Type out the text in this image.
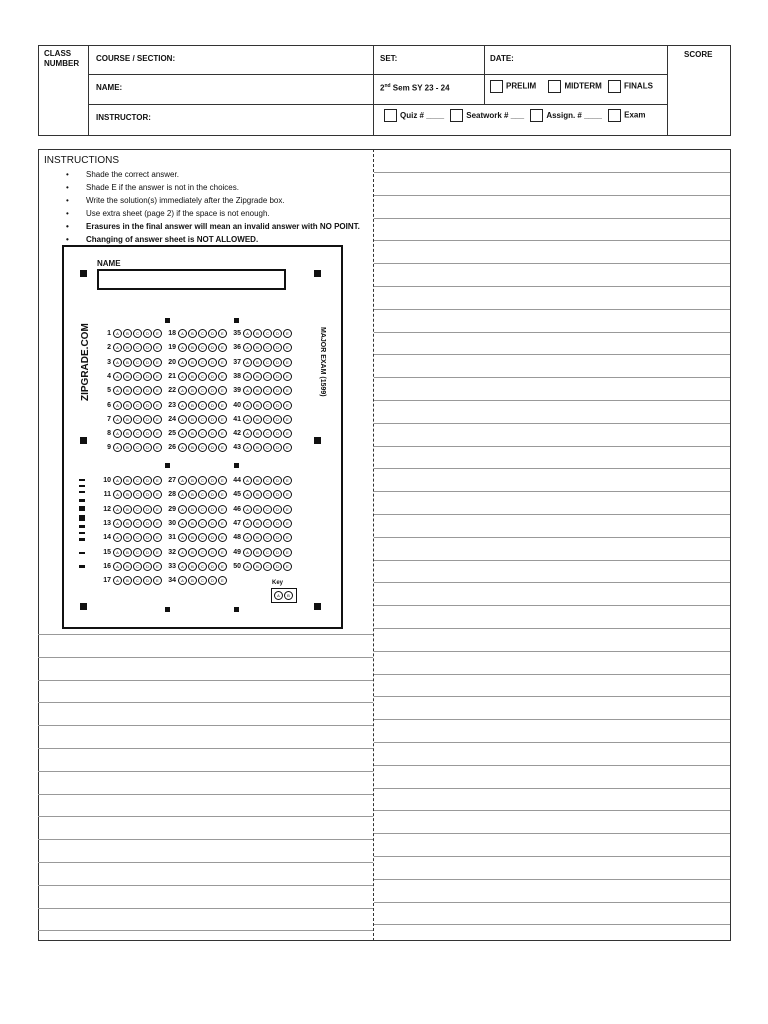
CLASS NUMBER
COURSE / SECTION:	SET:	DATE:	SCORE
NAME:	2nd Sem SY 23 - 24	PRELIM	MIDTERM	FINALS
INSTRUCTOR:	Quiz # ____	Seatwork # ___	Assign. # ____	Exam
INSTRUCTIONS
• Shade the correct answer.
• Shade E if the answer is not in the choices.
• Write the solution(s) immediately after the Zipgrade box.
• Use extra sheet (page 2) if the space is not enough.
• Erasures in the final answer will mean an invalid answer with NO POINT.
• Changing of answer sheet is NOT ALLOWED.
NAME
ZIPGRADE.COM	MAJOR EXAM (1599)
1	A	B	C	D	E
2	A	B	C	D	E
3	A	B	C	D	E
4	A	B	C	D	E
5	A	B	C	D	E
6	A	B	C	D	E
7	A	B	C	D	E
8	A	B	C	D	E
9	A	B	C	D	E
18	A	B	C	D	E
19	A	B	C	D	E
20	A	B	C	D	E
21	A	B	C	D	E
22	A	B	C	D	E
23	A	B	C	D	E
24	A	B	C	D	E
25	A	B	C	D	E
26	A	B	C	D	E
35	A	B	C	D	E
36	A	B	C	D	E
37	A	B	C	D	E
38	A	B	C	D	E
39	A	B	C	D	E
40	A	B	C	D	E
41	A	B	C	D	E
42	A	B	C	D	E
43	A	B	C	D	E
10	A	B	C	D	E
11	A	B	C	D	E
12	A	B	C	D	E
13	A	B	C	D	E
14	A	B	C	D	E
15	A	B	C	D	E
16	A	B	C	D	E
17	A	B	C	D	E
27	A	B	C	D	E
28	A	B	C	D	E
29	A	B	C	D	E
30	A	B	C	D	E
31	A	B	C	D	E
32	A	B	C	D	E
33	A	B	C	D	E
34	A	B	C	D	E
44	A	B	C	D	E
45	A	B	C	D	E
46	A	B	C	D	E
47	A	B	C	D	E
48	A	B	C	D	E
49	A	B	C	D	E
50	A	B	C	D	E
Key
A	B
